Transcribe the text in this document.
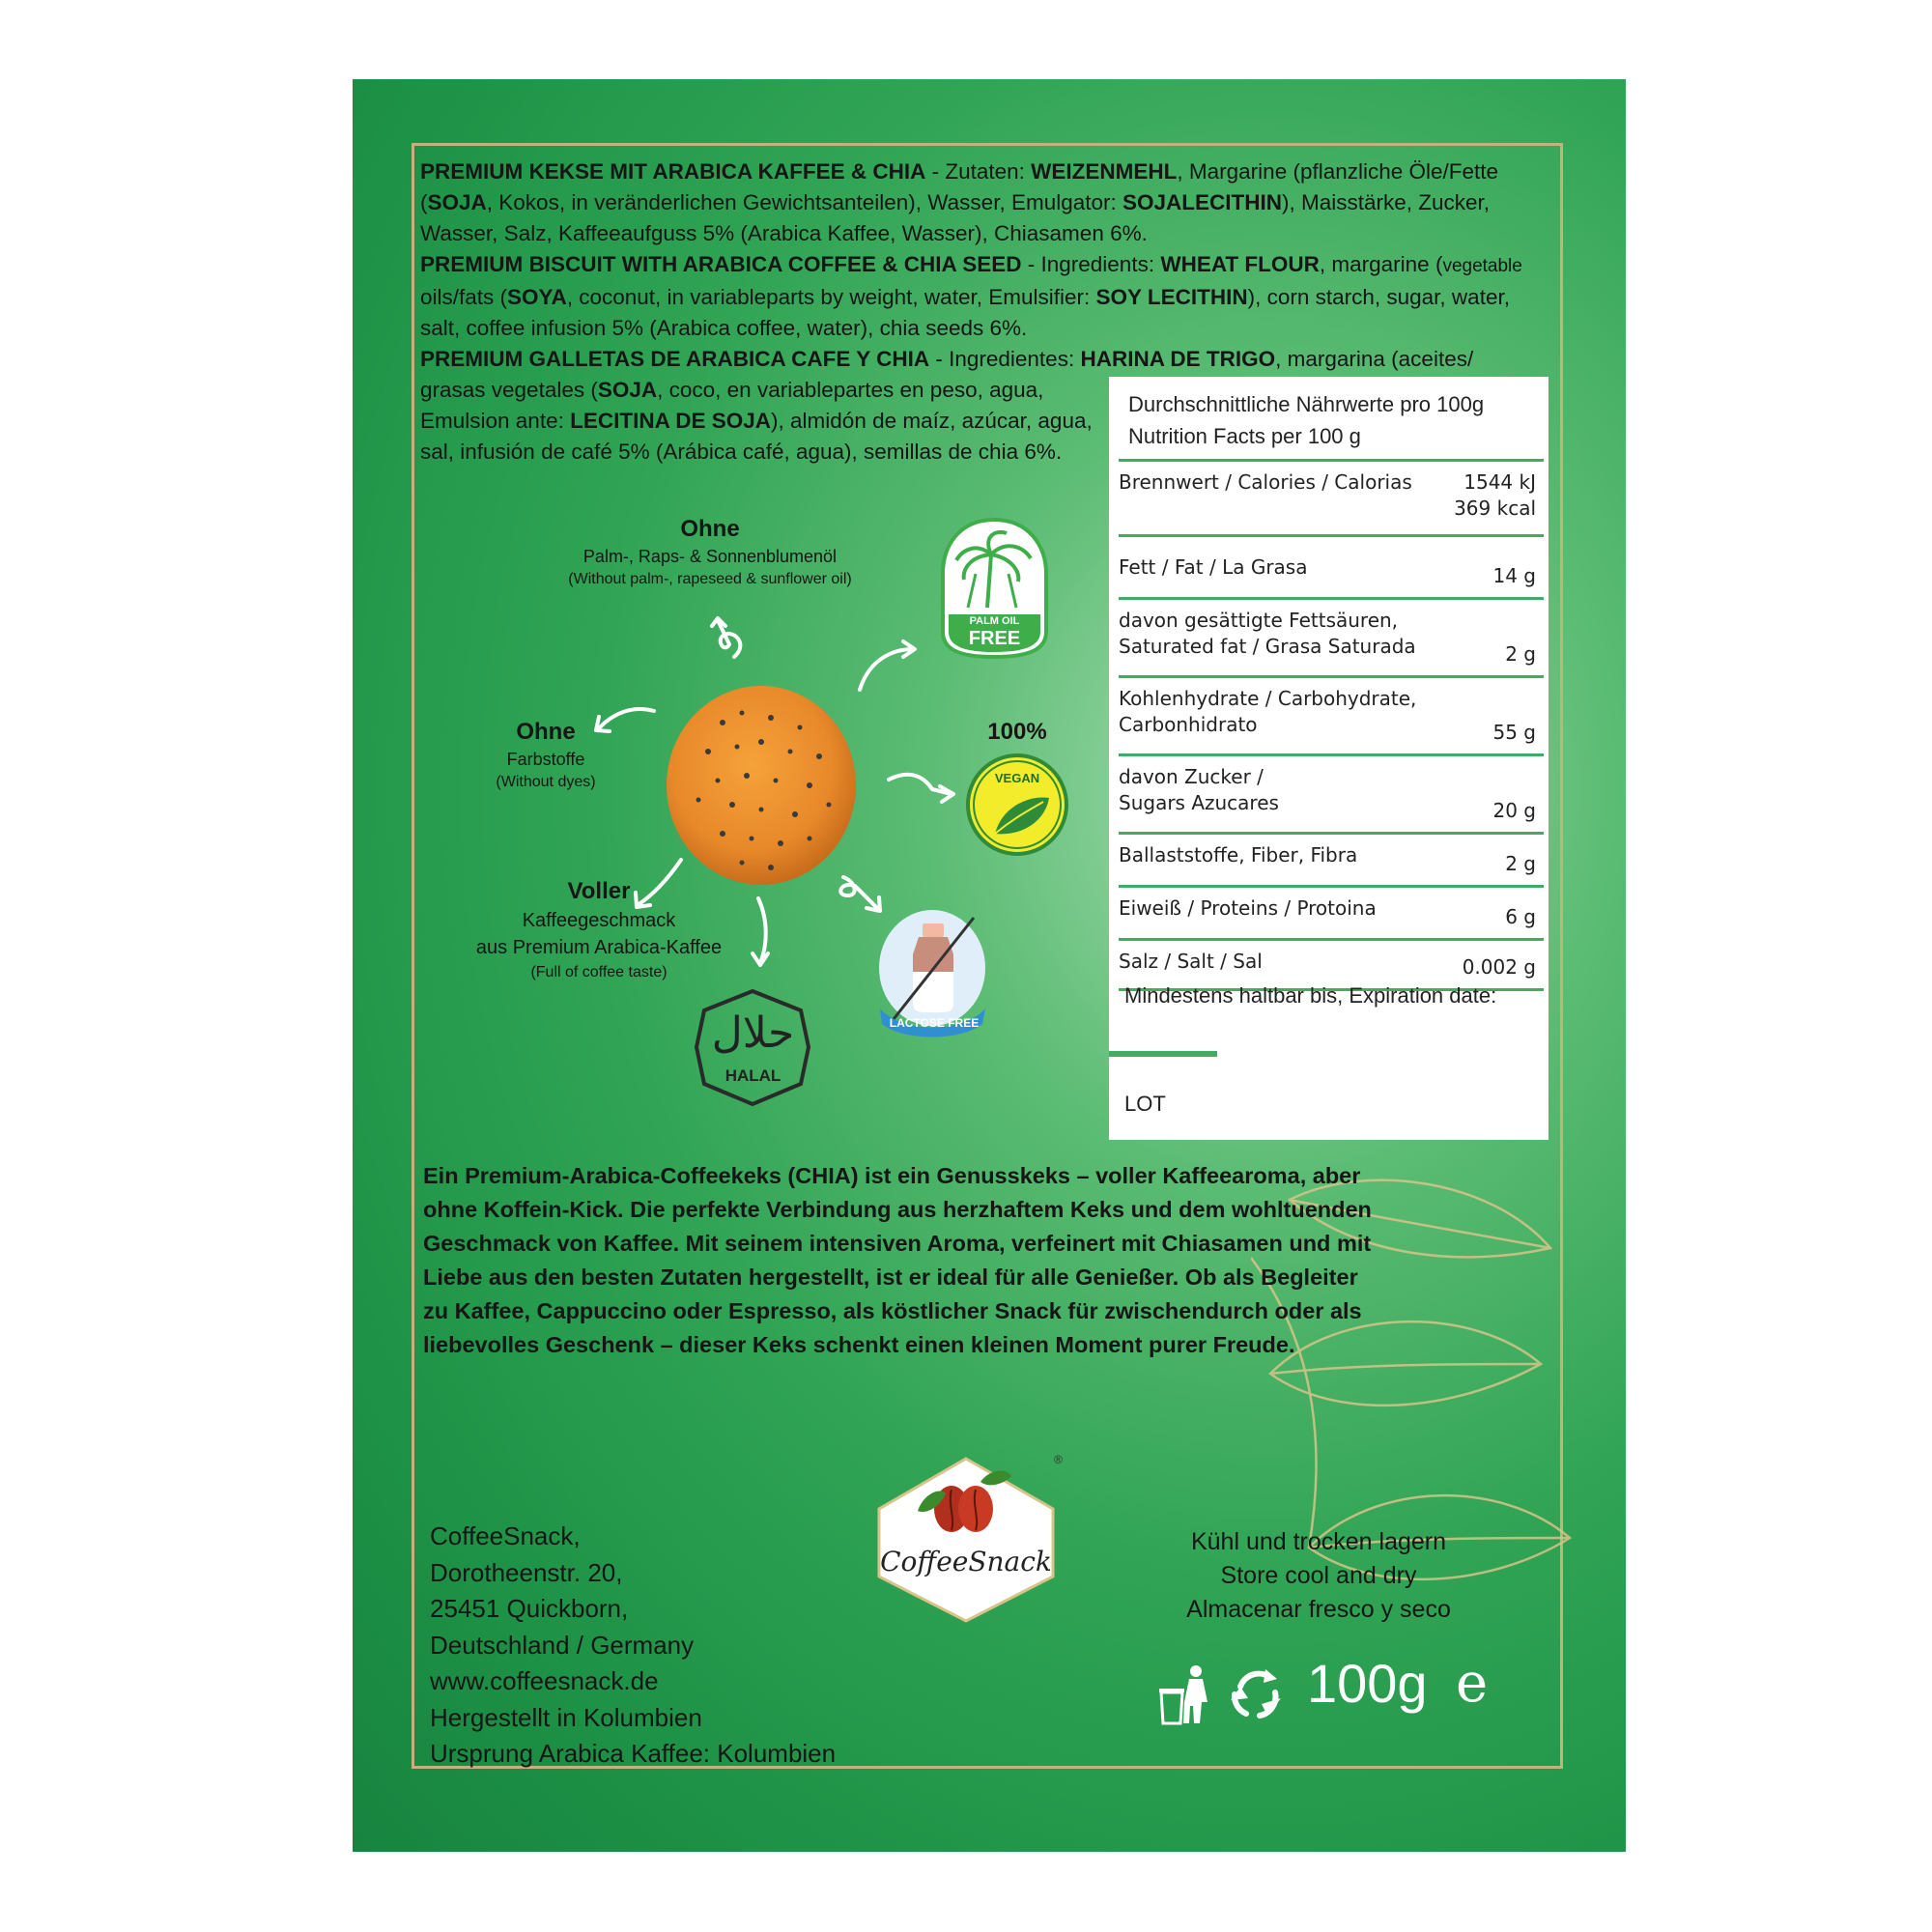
PREMIUM KEKSE MIT ARABICA KAFFEE & CHIA - Zutaten: WEIZENMEHL, Margarine (pflanzliche Öle/Fette (SOJA, Kokos, in veränderlichen Gewichtsanteilen), Wasser, Emulgator: SOJALECITHIN), Maisstärke, Zucker, Wasser, Salz, Kaffeeaufguss 5% (Arabica Kaffee, Wasser), Chiasamen 6%.

PREMIUM BISCUIT WITH ARABICA COFFEE & CHIA SEED - Ingredients: WHEAT FLOUR, margarine (vegetable oils/fats (SOYA, coconut, in variableparts by weight, water, Emulsifier: SOY LECITHIN), corn starch, sugar, water, salt, coffee infusion 5% (Arabica coffee, water), chia seeds 6%.

PREMIUM GALLETAS DE ARABICA CAFE Y CHIA - Ingredientes: HARINA DE TRIGO, margarina (aceites/

grasas vegetales (SOJA, coco, en variablepartes en peso, agua, Emulsion ante: LECITINA DE SOJA), almidón de maíz, azúcar, agua, sal, infusión de café 5% (Arábica café, agua), semillas de chia 6%.

Durchschnittliche Nährwerte pro 100g
Nutrition Facts per 100 g
Brennwert / Calories / Calorias	1544 kJ
369 kcal
Fett / Fat / La Grasa	14 g
davon gesättigte Fettsäuren, Saturated fat / Grasa Saturada	2 g
Kohlenhydrate / Carbohydrate, Carbonhidrato	55 g
davon Zucker / Sugars Azucares	20 g
Ballaststoffe, Fiber, Fibra	2 g
Eiweiß / Proteins / Protoina	6 g
Salz / Salt / Sal	0.002 g
Mindestens haltbar bis, Expiration date:
LOT
Ohne
Palm-, Raps- & Sonnenblumenöl
(Without palm-, rapeseed & sunflower oil)
Ohne
Farbstoffe
(Without dyes)
Voller
Kaffeegeschmack
aus Premium Arabica-Kaffee
(Full of coffee taste)
PALM OIL
FREE
100%
VEGAN
LACTOSE FREE
حلال
HALAL
Ein Premium-Arabica-Coffeekeks (CHIA) ist ein Genusskeks – voller Kaffeearoma, aber ohne Koffein-Kick. Die perfekte Verbindung aus herzhaftem Keks und dem wohltuenden Geschmack von Kaffee. Mit seinem intensiven Aroma, verfeinert mit Chiasamen und mit Liebe aus den besten Zutaten hergestellt, ist er ideal für alle Genießer. Ob als Begleiter zu Kaffee, Cappuccino oder Espresso, als köstlicher Snack für zwischendurch oder als liebevolles Geschenk – dieser Keks schenkt einen kleinen Moment purer Freude.
CoffeeSnack,
Dorotheenstr. 20,
25451 Quickborn,
Deutschland / Germany
www.coffeesnack.de
Hergestellt in Kolumbien
Ursprung Arabica Kaffee: Kolumbien
CoffeeSnack
®
Kühl und trocken lagern
Store cool and dry
Almacenar fresco y seco
100g e
